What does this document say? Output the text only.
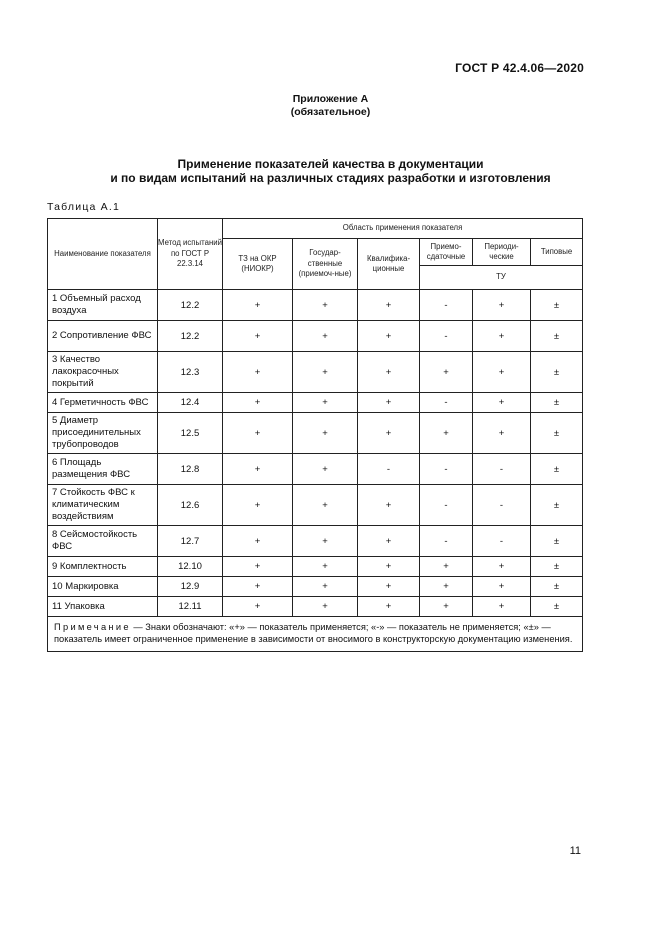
ГОСТ Р 42.4.06—2020
Приложение А
(обязательное)
Применение показателей качества в документации
и по видам испытаний на различных стадиях разработки и изготовления
Таблица А.1
Наименование показателя	Метод испытаний по ГОСТ Р 22.3.14	Область применения показателя					
		ТЗ на ОКР (НИОКР)	Государ-ственные (приемоч-ные)	Квалифика-ционные	Приемо-сдаточные	Периоди-ческие	Типовые
					ТУ		
1 Объемный расход воздуха	12.2	+	+	+	-	+	±
2 Сопротивление ФВС	12.2	+	+	+	-	+	±
3 Качество лакокрасочных покрытий	12.3	+	+	+	+	+	±
4 Герметичность ФВС	12.4	+	+	+	-	+	±
5 Диаметр присоединительных трубопроводов	12.5	+	+	+	+	+	±
6 Площадь размещения ФВС	12.8	+	+	-	-	-	±
7 Стойкость ФВС к климатическим воздействиям	12.6	+	+	+	-	-	±
8 Сейсмостойкость ФВС	12.7	+	+	+	-	-	±
9 Комплектность	12.10	+	+	+	+	+	±
10 Маркировка	12.9	+	+	+	+	+	±
11 Упаковка	12.11	+	+	+	+	+	±
Примечание — Знаки обозначают: «+» — показатель применяется; «-» — показатель не применяется; «±» — показатель имеет ограниченное применение в зависимости от вносимого в конструкторскую документацию изменения.							
11
